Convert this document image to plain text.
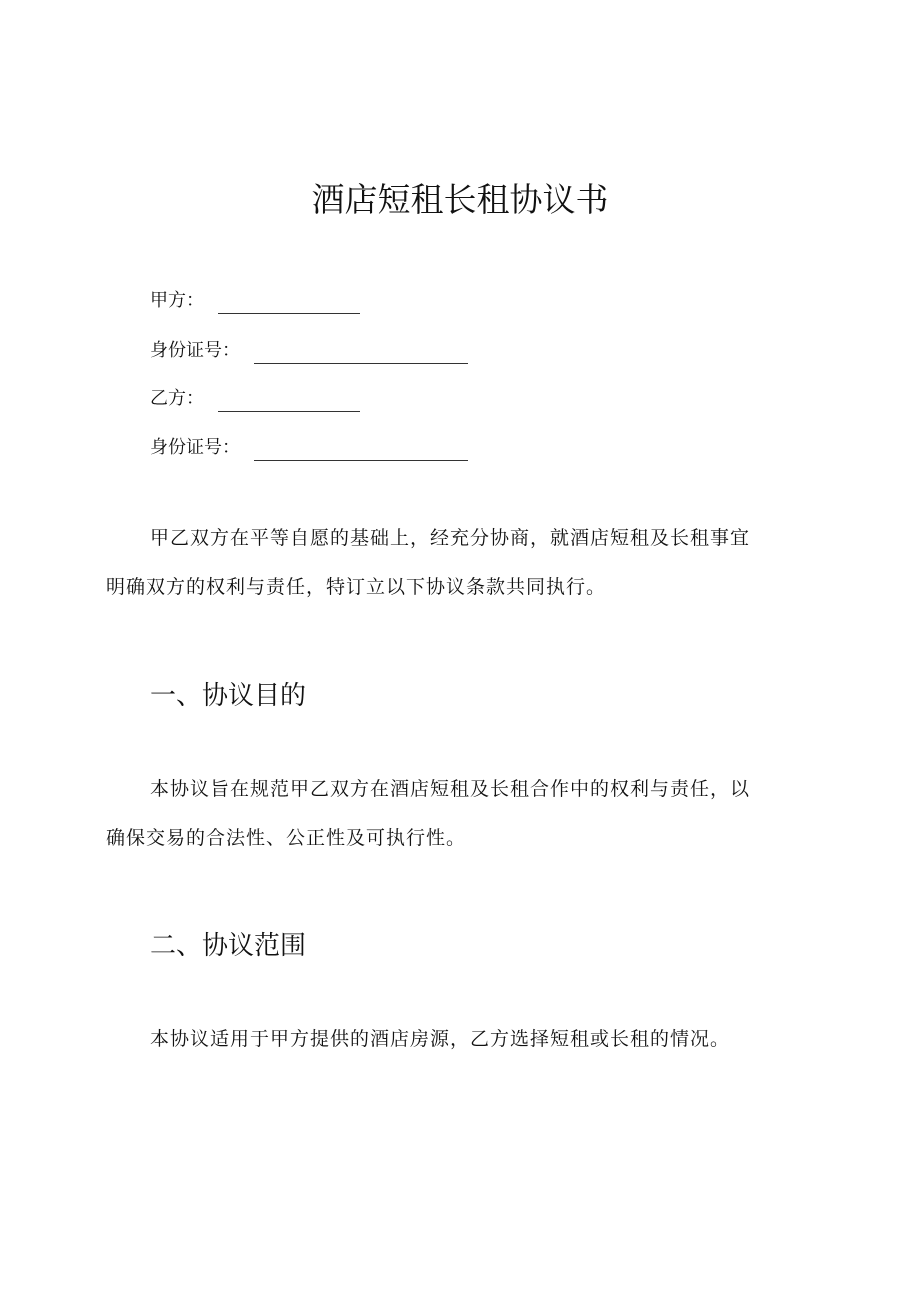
酒店短租长租协议书
甲方：
身份证号：
乙方：
身份证号：

甲乙双方在平等自愿的基础上，经充分协商，就酒店短租及长租事宜
明确双方的权利与责任，特订立以下协议条款共同执行。

一、协议目的

本协议旨在规范甲乙双方在酒店短租及长租合作中的权利与责任，以
确保交易的合法性、公正性及可执行性。

二、协议范围

本协议适用于甲方提供的酒店房源，乙方选择短租或长租的情况。
